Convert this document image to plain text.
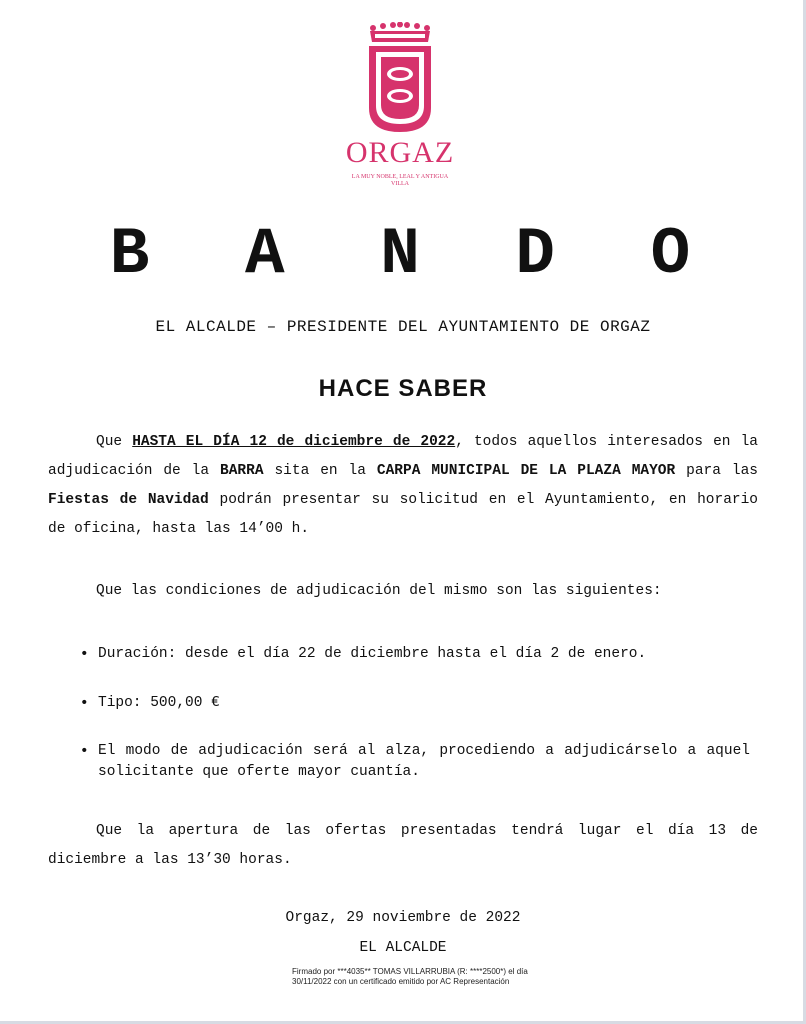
ORGAZ
LA MUY NOBLE, LEAL Y ANTIGUA VILLA
B A N D O
EL ALCALDE – PRESIDENTE DEL AYUNTAMIENTO DE ORGAZ
HACE SABER
Que HASTA EL DÍA 12 de diciembre de 2022, todos aquellos interesados en la adjudicación de la BARRA sita en la CARPA MUNICIPAL DE LA PLAZA MAYOR para las Fiestas de Navidad podrán presentar su solicitud en el Ayuntamiento, en horario de oficina, hasta las 14’00 h.
Que las condiciones de adjudicación del mismo son las siguientes:
• Duración: desde el día 22 de diciembre hasta el día 2 de enero.
• Tipo: 500,00 €
• El modo de adjudicación será al alza, procediendo a adjudicárselo a aquel solicitante que oferte mayor cuantía.
Que la apertura de las ofertas presentadas tendrá lugar el día 13 de diciembre a las 13’30 horas.
Orgaz, 29 noviembre de 2022
EL ALCALDE
Firmado por ***4035** TOMAS VILLARRUBIA (R: ****2500*) el día 30/11/2022 con un certificado emitido por AC Representación
